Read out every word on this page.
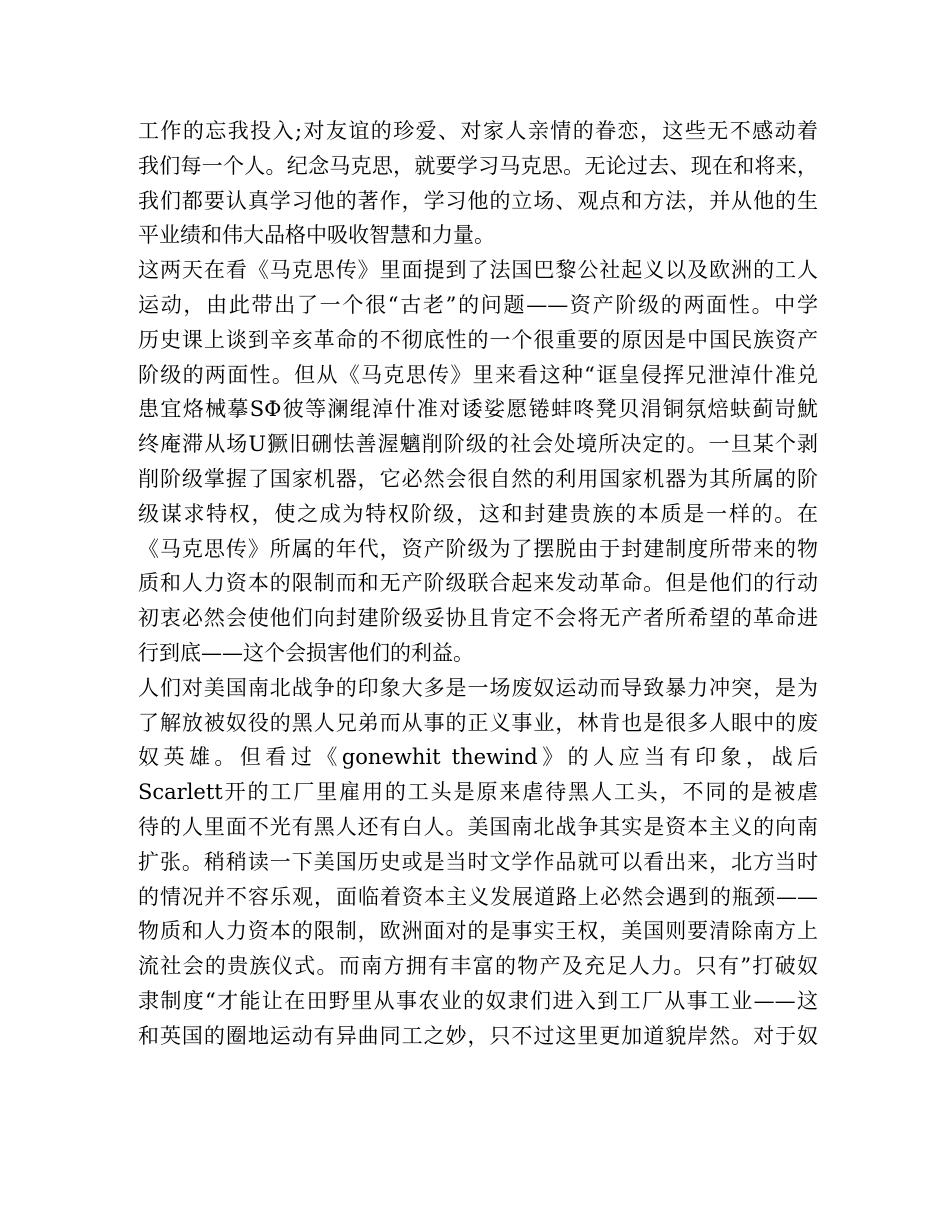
工作的忘我投入;对友谊的珍爱、对家人亲情的眷恋，这些无不感动着
我们每一个人。纪念马克思，就要学习马克思。无论过去、现在和将来，
我们都要认真学习他的著作，学习他的立场、观点和方法，并从他的生
平业绩和伟大品格中吸收智慧和力量。
这两天在看《马克思传》里面提到了法国巴黎公社起义以及欧洲的工人
运动，由此带出了一个很“古老”的问题——资产阶级的两面性。中学
历史课上谈到辛亥革命的不彻底性的一个很重要的原因是中国民族资产
阶级的两面性。但从《马克思传》里来看这种“诓皇侵挥兄泄淖什准兑
患宜烙械摹SΦ彼等澜绲淖什准对诿娑愿锩蚌咚凳贝涓铜氛焙蚨蓟岢魷
终庵滞从场U獗旧硎怯善渥魑削阶级的社会处境所决定的。一旦某个剥
削阶级掌握了国家机器，它必然会很自然的利用国家机器为其所属的阶
级谋求特权，使之成为特权阶级，这和封建贵族的本质是一样的。在
《马克思传》所属的年代，资产阶级为了摆脱由于封建制度所带来的物
质和人力资本的限制而和无产阶级联合起来发动革命。但是他们的行动
初衷必然会使他们向封建阶级妥协且肯定不会将无产者所希望的革命进
行到底——这个会损害他们的利益。
人们对美国南北战争的印象大多是一场废奴运动而导致暴力冲突，是为
了解放被奴役的黑人兄弟而从事的正义事业，林肯也是很多人眼中的废
奴英雄。但看过《gonewhit thewind》的人应当有印象，战后
Scarlett开的工厂里雇用的工头是原来虐待黑人工头，不同的是被虐
待的人里面不光有黑人还有白人。美国南北战争其实是资本主义的向南
扩张。稍稍读一下美国历史或是当时文学作品就可以看出来，北方当时
的情况并不容乐观，面临着资本主义发展道路上必然会遇到的瓶颈——
物质和人力资本的限制，欧洲面对的是事实王权，美国则要清除南方上
流社会的贵族仪式。而南方拥有丰富的物产及充足人力。只有”打破奴
隶制度“才能让在田野里从事农业的奴隶们进入到工厂从事工业——这
和英国的圈地运动有异曲同工之妙，只不过这里更加道貌岸然。对于奴
